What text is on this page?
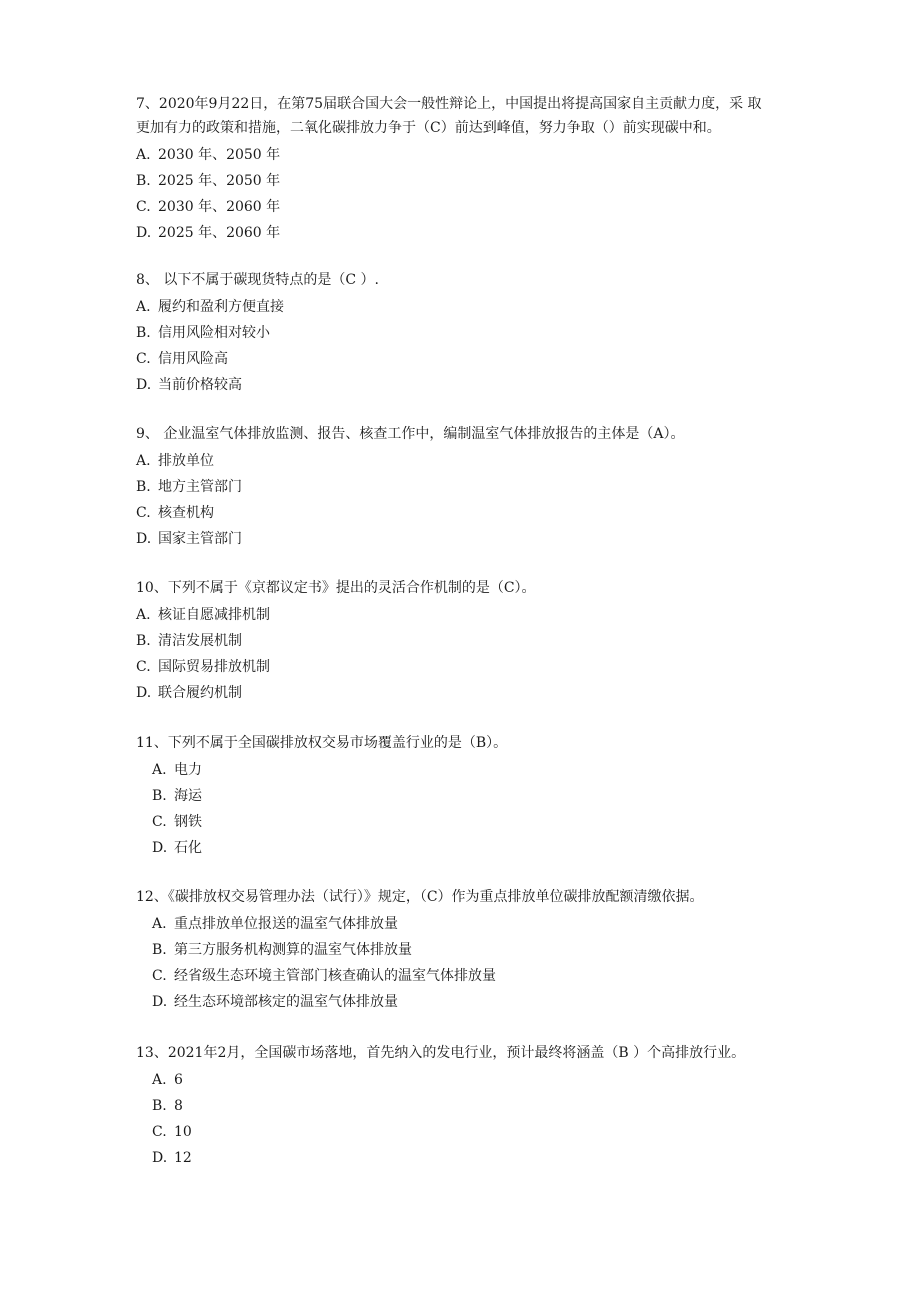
7、2020年9月22日，在第75届联合国大会一般性辩论上，中国提出将提高国家自主贡献力度，采 取
更加有力的政策和措施，二氧化碳排放力争于（C）前达到峰值，努力争取（）前实现碳中和。

A. 2030 年、2050 年
B. 2025 年、2050 年
C. 2030 年、2060 年
D. 2025 年、2060 年

8、 以下不属于碳现货特点的是（C ）.

A. 履约和盈利方便直接
B. 信用风险相对较小
C. 信用风险高
D. 当前价格较高

9、 企业温室气体排放监测、报告、核查工作中，编制温室气体排放报告的主体是（A）。

A. 排放单位
B. 地方主管部门
C. 核查机构
D. 国家主管部门

10、下列不属于《京都议定书》提出的灵活合作机制的是（C）。

A. 核证自愿减排机制
B. 清洁发展机制
C. 国际贸易排放机制
D. 联合履约机制

11、下列不属于全国碳排放权交易市场覆盖行业的是（B）。

A. 电力
B. 海运
C. 钢铁
D. 石化

12、《碳排放权交易管理办法（试行）》规定，（C）作为重点排放单位碳排放配额清缴依据。

A. 重点排放单位报送的温室气体排放量
B. 第三方服务机构测算的温室气体排放量
C. 经省级生态环境主管部门核查确认的温室气体排放量
D. 经生态环境部核定的温室气体排放量

13、2021年2月，全国碳市场落地，首先纳入的发电行业，预计最终将涵盖（B ）个高排放行业。

A. 6
B. 8
C. 10
D. 12
